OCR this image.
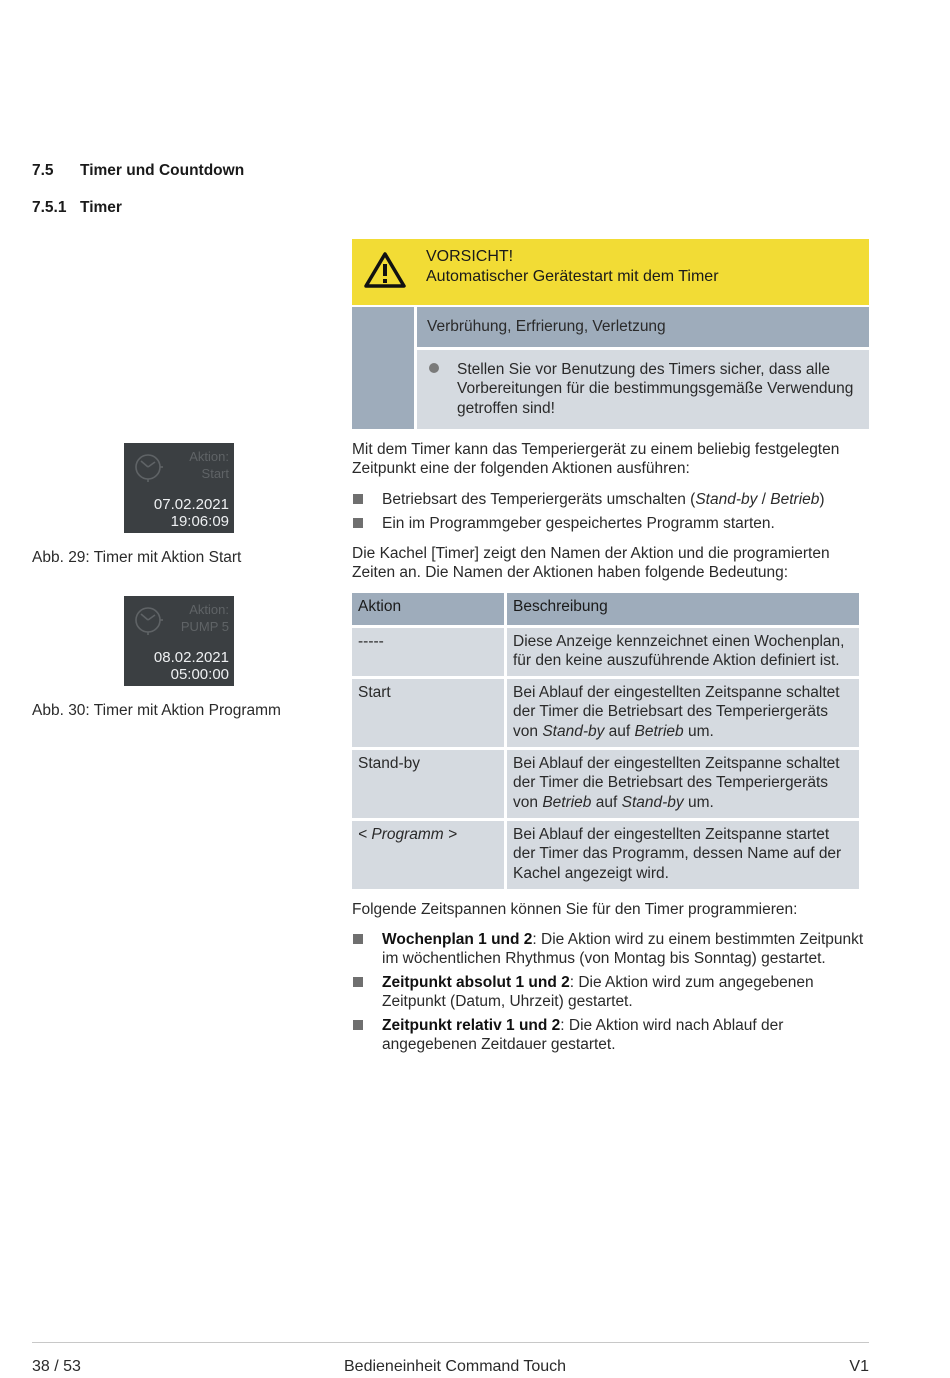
7.5 Timer und Countdown
7.5.1 Timer
VORSICHT!
Automatischer Gerätestart mit dem Timer
Verbrühung, Erfrierung, Verletzung
Stellen Sie vor Benutzung des Timers sicher, dass alle Vorbereitungen für die bestimmungsgemäße Verwendung getroffen sind!
Aktion:
Start
07.02.2021
19:06:09
Abb. 29: Timer mit Aktion Start
Aktion:
PUMP 5
08.02.2021
05:00:00
Abb. 30: Timer mit Aktion Programm
Mit dem Timer kann das Temperiergerät zu einem beliebig festgelegten Zeitpunkt eine der folgenden Aktionen ausführen:
Betriebsart des Temperiergeräts umschalten (Stand-by / Betrieb)
Ein im Programmgeber gespeichertes Programm starten.
Die Kachel [Timer] zeigt den Namen der Aktion und die programierten Zeiten an. Die Namen der Aktionen haben folgende Bedeutung:
Aktion	Beschreibung
-----	Diese Anzeige kennzeichnet einen Wochenplan, für den keine auszuführende Aktion definiert ist.
Start	Bei Ablauf der eingestellten Zeitspanne schaltet der Timer die Betriebsart des Temperiergeräts von Stand-by auf Betrieb um.
Stand-by	Bei Ablauf der eingestellten Zeitspanne schaltet der Timer die Betriebsart des Temperiergeräts von Betrieb auf Stand-by um.
< Programm >	Bei Ablauf der eingestellten Zeitspanne startet der Timer das Programm, dessen Name auf der Kachel angezeigt wird.
Folgende Zeitspannen können Sie für den Timer programmieren:
Wochenplan 1 und 2: Die Aktion wird zu einem bestimmten Zeitpunkt im wöchentlichen Rhythmus (von Montag bis Sonntag) gestartet.
Zeitpunkt absolut 1 und 2: Die Aktion wird zum angegebenen Zeitpunkt (Datum, Uhrzeit) gestartet.
Zeitpunkt relativ 1 und 2: Die Aktion wird nach Ablauf der angegebenen Zeitdauer gestartet.
38 / 53	Bedieneinheit Command Touch	V1
